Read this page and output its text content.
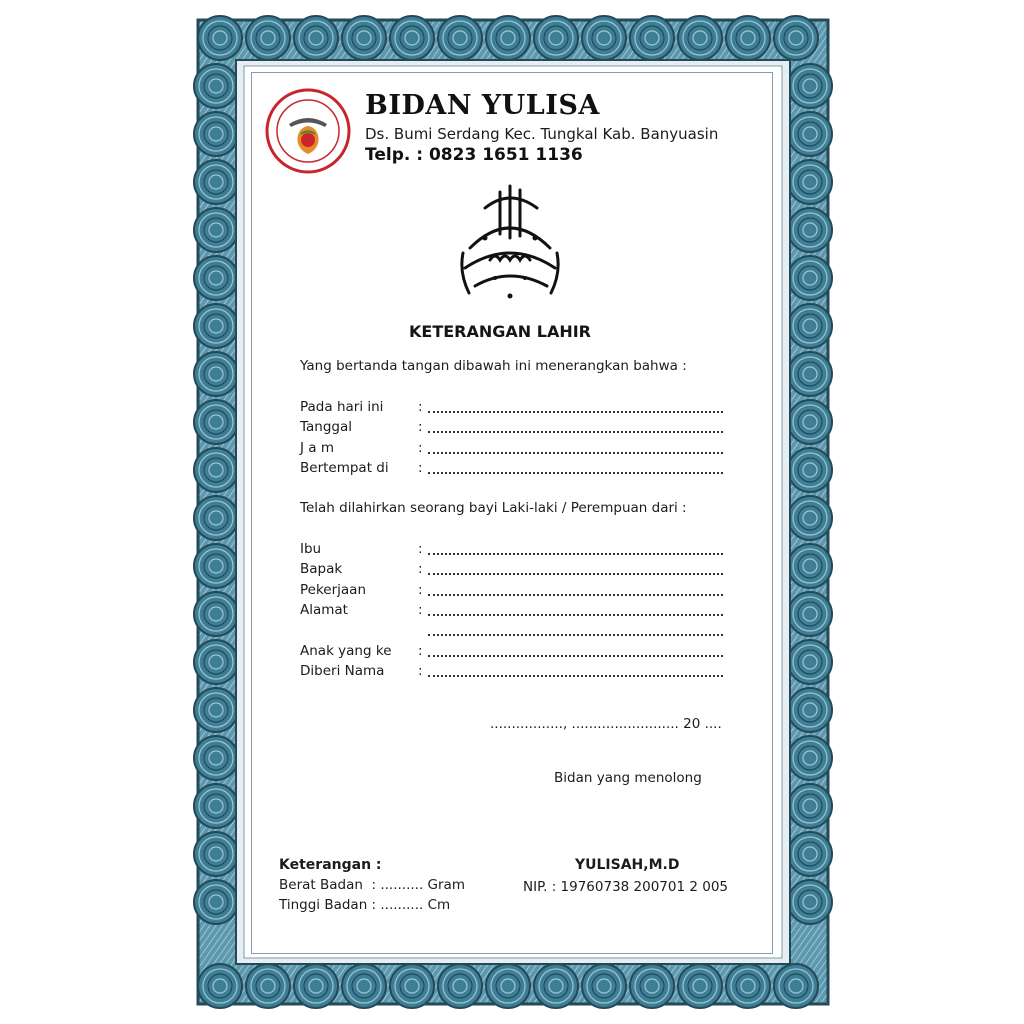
BIDAN YULISA
Ds. Bumi Serdang Kec. Tungkal Kab. Banyuasin
Telp. : 0823 1651 1136
KETERANGAN LAHIR
Yang bertanda tangan dibawah ini menerangkan bahwa :
Pada hari ini	:
Tanggal	:
J a m	:
Bertempat di :
Telah dilahirkan seorang bayi Laki-laki / Perempuan dari :
Ibu	:
Bapak	:
Pekerjaan	:
Alamat	:
Anak yang ke :
Diberi Nama :
................., ......................... 20 ....
Bidan yang menolong
Keterangan :
Berat Badan  : .......... Gram
Tinggi Badan : .......... Cm
YULISAH,M.D
NIP. : 19760738 200701 2 005
